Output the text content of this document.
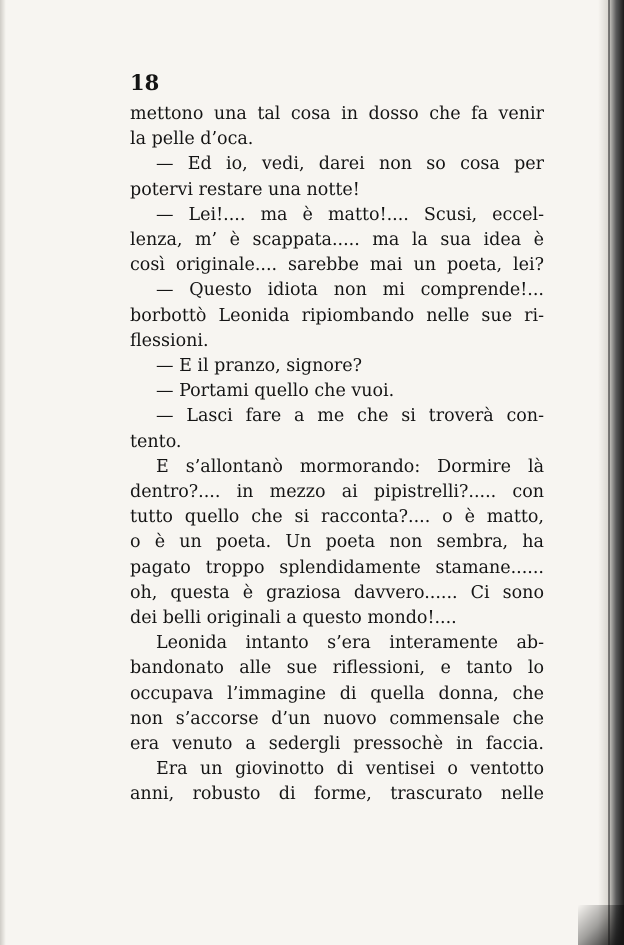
18
mettono una tal cosa in dosso che fa venir
la pelle d’oca.
— Ed io, vedi, darei non so cosa per
potervi restare una notte!
— Lei!.... ma è matto!.... Scusi, eccel-
lenza, m’ è scappata..... ma la sua idea è
così originale.... sarebbe mai un poeta, lei?
— Questo idiota non mi comprende!...
borbottò Leonida ripiombando nelle sue ri-
flessioni.
— E il pranzo, signore?
— Portami quello che vuoi.
— Lasci fare a me che si troverà con-
tento.
E s’allontanò mormorando: Dormire là
dentro?.... in mezzo ai pipistrelli?..... con
tutto quello che si racconta?.... o è matto,
o è un poeta. Un poeta non sembra, ha
pagato troppo splendidamente stamane......
oh, questa è graziosa davvero...... Ci sono
dei belli originali a questo mondo!....
Leonida intanto s’era interamente ab-
bandonato alle sue riflessioni, e tanto lo
occupava l’immagine di quella donna, che
non s’accorse d’un nuovo commensale che
era venuto a sedergli pressochè in faccia.
Era un giovinotto di ventisei o ventotto
anni, robusto di forme, trascurato nelle
